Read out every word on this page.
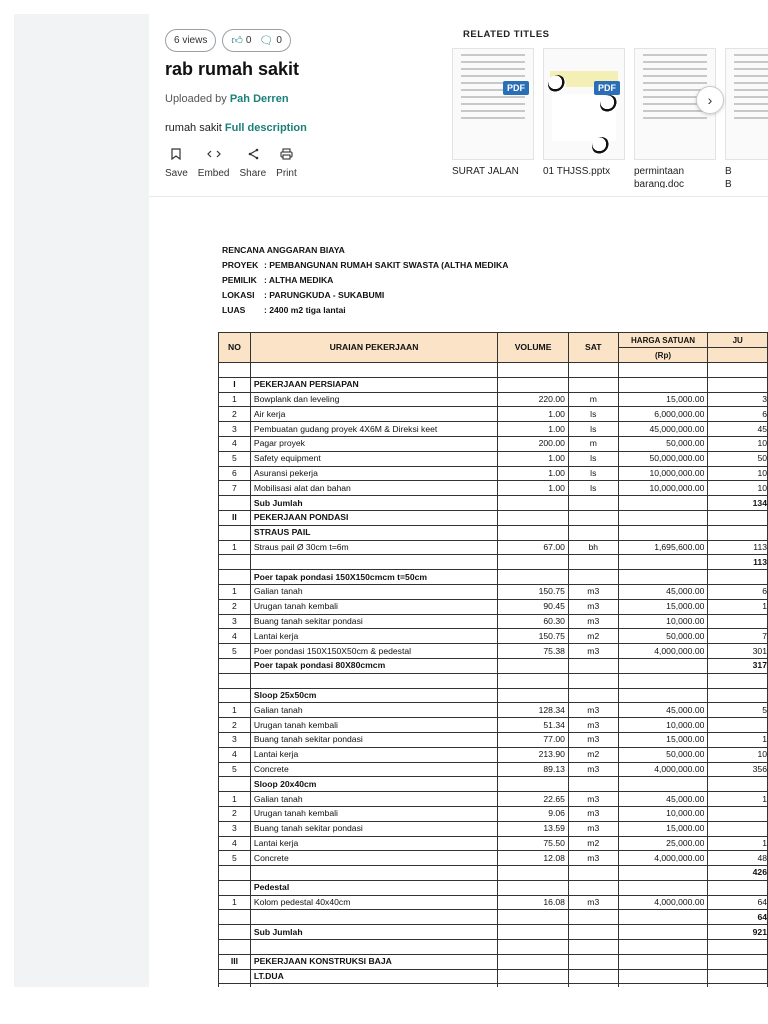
6 views 👍︎ 0 🗨︎ 0
rab rumah sakit
Uploaded by Pah Derren
rumah sakit Full description
Save Embed Share Print
RELATED TITLES
PDF
SURAT JALAN
PDF
01 THJSS.pptx	permintaan
barang.doc
B
B
›
RENCANA ANGGARAN BIAYA
PROYEK : PEMBANGUNAN RUMAH SAKIT SWASTA (ALTHA MEDIKA
PEMILIK : ALTHA MEDIKA
LOKASI : PARUNGKUDA - SUKABUMI
LUAS : 2400 m2 tiga lantai
NO	URAIAN PEKERJAAN	VOLUME	SAT	HARGA SATUAN	JU
				(Rp)	

I	PEKERJAAN PERSIAPAN				
1	Bowplank dan leveling	220.00	m	15,000.00	3
2	Air kerja	1.00	ls	6,000,000.00	6
3	Pembuatan gudang proyek 4X6M & Direksi keet	1.00	ls	45,000,000.00	45
4	Pagar proyek	200.00	m	50,000.00	10
5	Safety equipment	1.00	ls	50,000,000.00	50
6	Asuransi pekerja	1.00	ls	10,000,000.00	10
7	Mobilisasi alat dan bahan	1.00	ls	10,000,000.00	10
	Sub Jumlah				134
II	PEKERJAAN PONDASI				
	STRAUS PAIL				
1	Straus pail Ø 30cm t=6m	67.00	bh	1,695,600.00	113
					113
	Poer tapak pondasi 150X150cmcm t=50cm				
1	Galian tanah	150.75	m3	45,000.00	6
2	Urugan tanah kembali	90.45	m3	15,000.00	1
3	Buang tanah sekitar pondasi	60.30	m3	10,000.00	
4	Lantai kerja	150.75	m2	50,000.00	7
5	Poer pondasi 150X150X50cm & pedestal	75.38	m3	4,000,000.00	301
	Poer tapak pondasi 80X80cmcm				317

	Sloop 25x50cm				
1	Galian tanah	128.34	m3	45,000.00	5
2	Urugan tanah kembali	51.34	m3	10,000.00	
3	Buang tanah sekitar pondasi	77.00	m3	15,000.00	1
4	Lantai kerja	213.90	m2	50,000.00	10
5	Concrete	89.13	m3	4,000,000.00	356
	Sloop 20x40cm				
1	Galian tanah	22.65	m3	45,000.00	1
2	Urugan tanah kembali	9.06	m3	10,000.00	
3	Buang tanah sekitar pondasi	13.59	m3	15,000.00	
4	Lantai kerja	75.50	m2	25,000.00	1
5	Concrete	12.08	m3	4,000,000.00	48
					426
	Pedestal				
1	Kolom pedestal 40x40cm	16.08	m3	4,000,000.00	64
					64
	Sub Jumlah				921

III	PEKERJAAN KONSTRUKSI BAJA				
	LT.DUA				
